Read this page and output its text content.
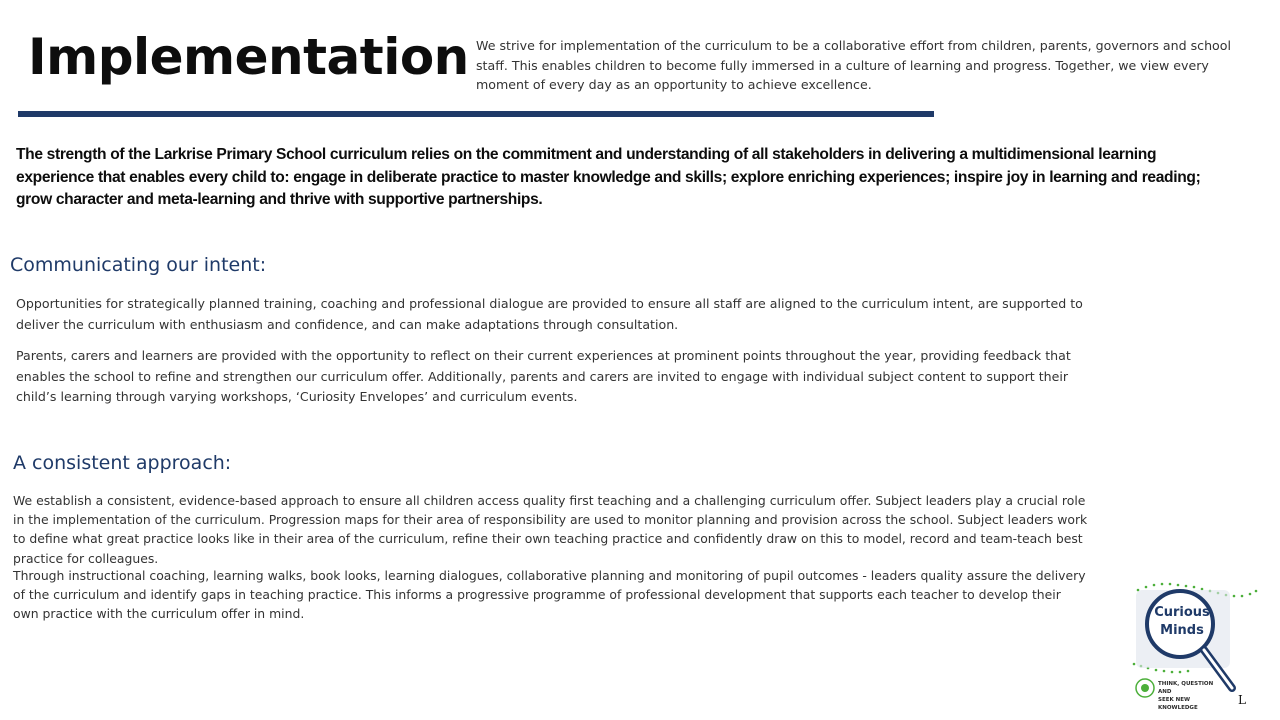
Implementation We strive for implementation of the curriculum to be a collaborative effort from children, parents, governors and school staff. This enables children to become fully immersed in a culture of learning and progress. Together, we view every moment of every day as an opportunity to achieve excellence.

The strength of the Larkrise Primary School curriculum relies on the commitment and understanding of all stakeholders in delivering a multidimensional learning experience that enables every child to: engage in deliberate practice to master knowledge and skills; explore enriching experiences; inspire joy in learning and reading; grow character and meta-learning and thrive with supportive partnerships.

Communicating our intent:

Opportunities for strategically planned training, coaching and professional dialogue are provided to ensure all staff are aligned to the curriculum intent, are supported to deliver the curriculum with enthusiasm and confidence, and can make adaptations through consultation.

Parents, carers and learners are provided with the opportunity to reflect on their current experiences at prominent points throughout the year, providing feedback that enables the school to refine and strengthen our curriculum offer. Additionally, parents and carers are invited to engage with individual subject content to support their child’s learning through varying workshops, ‘Curiosity Envelopes’ and curriculum events.

A consistent approach:

We establish a consistent, evidence-based approach to ensure all children access quality first teaching and a challenging curriculum offer. Subject leaders play a crucial role in the implementation of the curriculum. Progression maps for their area of responsibility are used to monitor planning and provision across the school. Subject leaders work to define what great practice looks like in their area of the curriculum, refine their own teaching practice and confidently draw on this to model, record and team-teach best practice for colleagues.

Through instructional coaching, learning walks, book looks, learning dialogues, collaborative planning and monitoring of pupil outcomes - leaders quality assure the delivery of the curriculum and identify gaps in teaching practice. This informs a progressive programme of professional development that supports each teacher to develop their own practice with the curriculum offer in mind.	Curious
Minds
THINK, QUESTION AND
SEEK NEW KNOWLEDGE
L
